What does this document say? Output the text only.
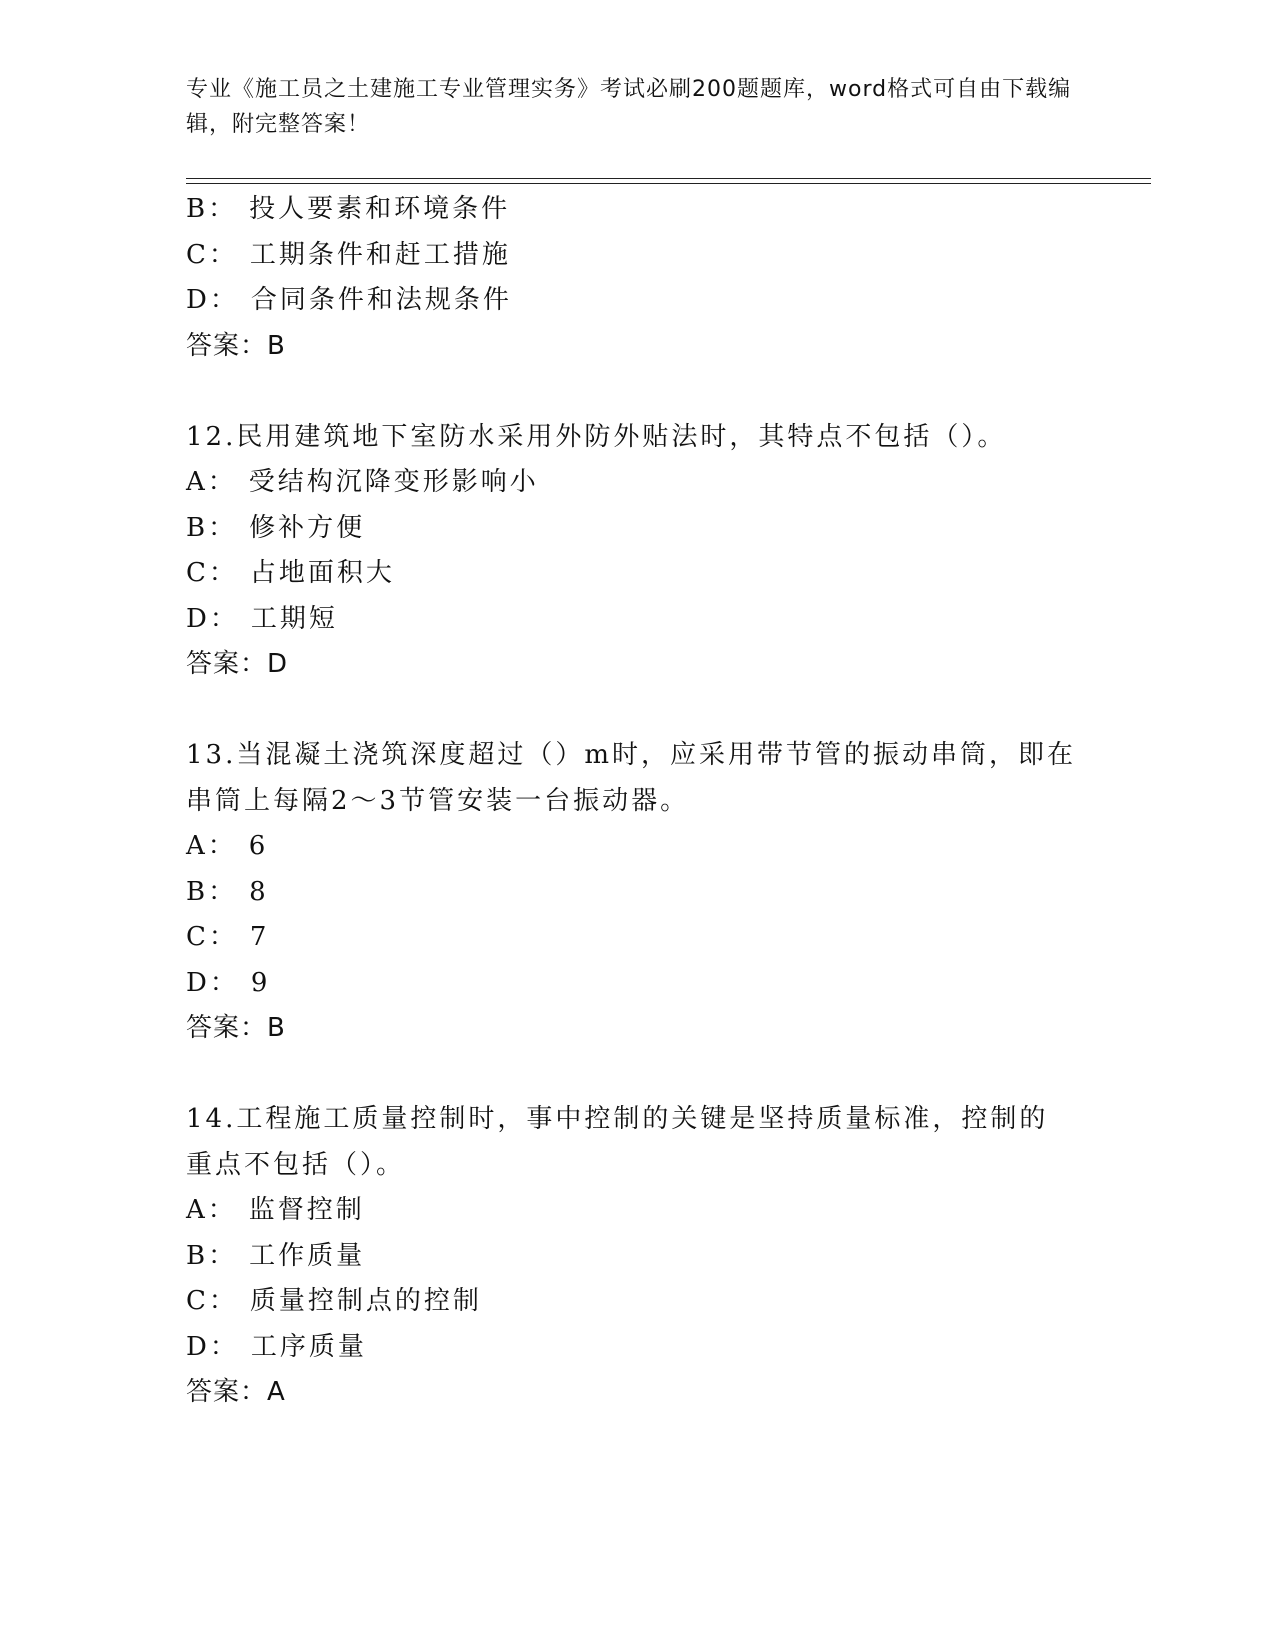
专业《施工员之土建施工专业管理实务》考试必刷200题题库，word格式可自由下载编辑，附完整答案！
B： 投人要素和环境条件
C： 工期条件和赶工措施
D： 合同条件和法规条件
答案：B
12.民用建筑地下室防水采用外防外贴法时，其特点不包括（）。
A： 受结构沉降变形影响小
B： 修补方便
C： 占地面积大
D： 工期短
答案：D
13.当混凝土浇筑深度超过（）m时，应采用带节管的振动串筒，即在串筒上每隔2～3节管安装一台振动器。
A： 6
B： 8
C： 7
D： 9
答案：B
14.工程施工质量控制时，事中控制的关键是坚持质量标准，控制的重点不包括（）。
A： 监督控制
B： 工作质量
C： 质量控制点的控制
D： 工序质量
答案：A
